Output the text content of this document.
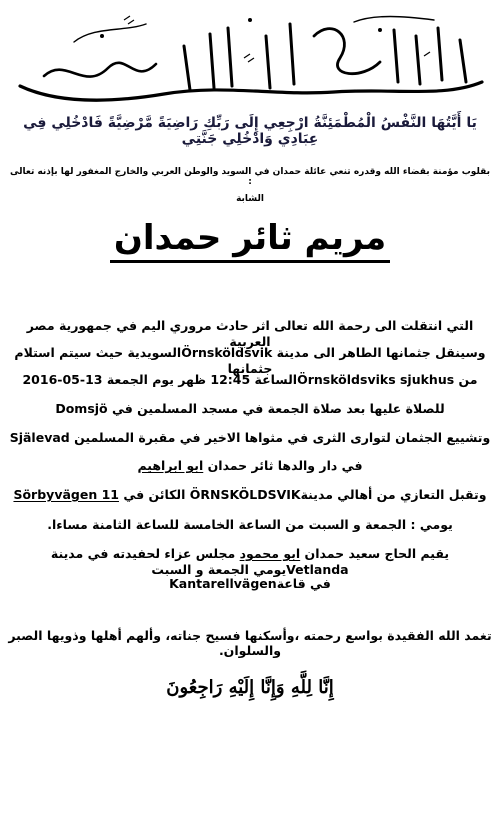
يَا أَيَّتُهَا النَّفْسُ الْمُطْمَئِنَّةُ ارْجِعِي إِلَى رَبِّكِ رَاضِيَةً مَّرْضِيَّةً فَادْخُلِي فِي عِبَادِي وَادْخُلِي جَنَّتِي
بقلوب مؤمنة بقضاء الله وقدره تنعي عائلة حمدان في السويد والوطن العربي والخارج المغفور لها بإذنه تعالى :
الشابة
مريم ثائر حمدان
التي انتقلت الى رحمة الله تعالى اثر حادث مروري اليم في جمهورية مصر العربية
وسينقل جثمانها الطاهر الى مدينة Örnsköldsvikالسويدية حيث سيتم استلام جثمانها
من Örnsköldsviks sjukhusالساعة 12:45 ظهر يوم الجمعة 13-05-2016
للصلاة عليها بعد صلاة الجمعة في مسجد المسلمين في Domsjö
وتشييع الجثمان لتوارى الثرى في مثواها الاخير في مقبرة المسلمين Själevad
في دار والدها ثائر حمدان ابو ابراهيم
وتقبل التعازي من أهالي مدينةÖRNSKÖLDSVIK الكائن في Sörbyvägen 11
يومي : الجمعة و السبت من الساعة الخامسة للساعة الثامنة مساءا.
يقيم الحاج سعيد حمدان ابو محمود مجلس عزاء لحفيدته في مدينة Vetlandaيومي الجمعة و السبت
في قاعةKantarellvägen
تغمد الله الفقيدة بواسع رحمته ،وأسكنها فسيح جناته، وألهم أهلها وذويها الصبر والسلوان.
إِنَّا لِلَّهِ وَإِنَّا إِلَيْهِ رَاجِعُونَ
